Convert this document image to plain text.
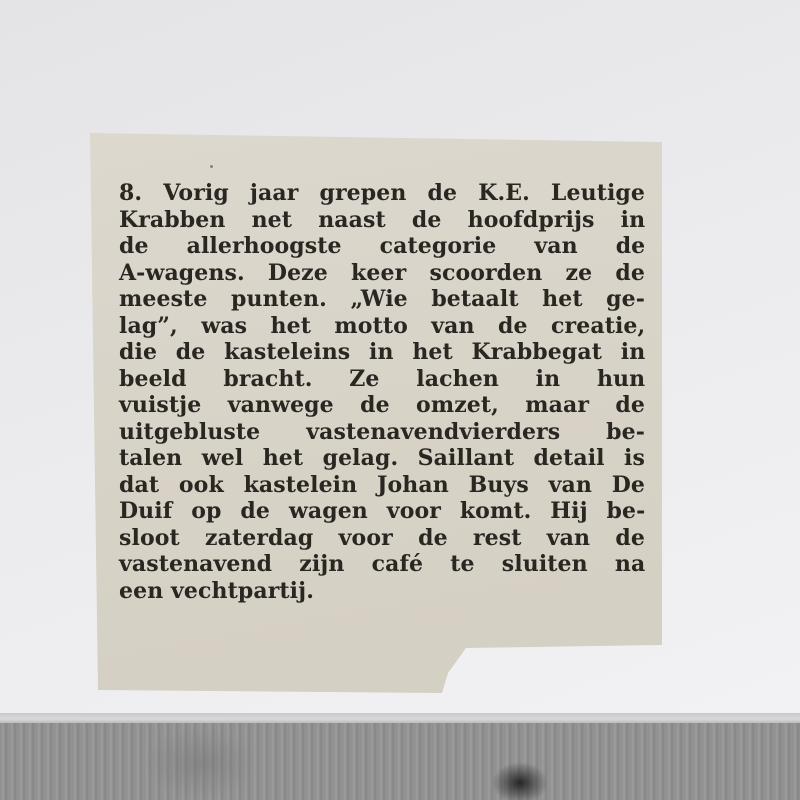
8. Vorig jaar grepen de K.E. Leutige
Krabben net naast de hoofdprijs in
de allerhoogste categorie van de
A-wagens. Deze keer scoorden ze de
meeste punten. „Wie betaalt het ge-
lag”, was het motto van de creatie,
die de kasteleins in het Krabbegat in
beeld bracht. Ze lachen in hun
vuistje vanwege de omzet, maar de
uitgebluste vastenavendvierders be-
talen wel het gelag. Saillant detail is
dat ook kastelein Johan Buys van De
Duif op de wagen voor komt. Hij be-
sloot zaterdag voor de rest van de
vastenavend zijn café te sluiten na
een vechtpartij.
